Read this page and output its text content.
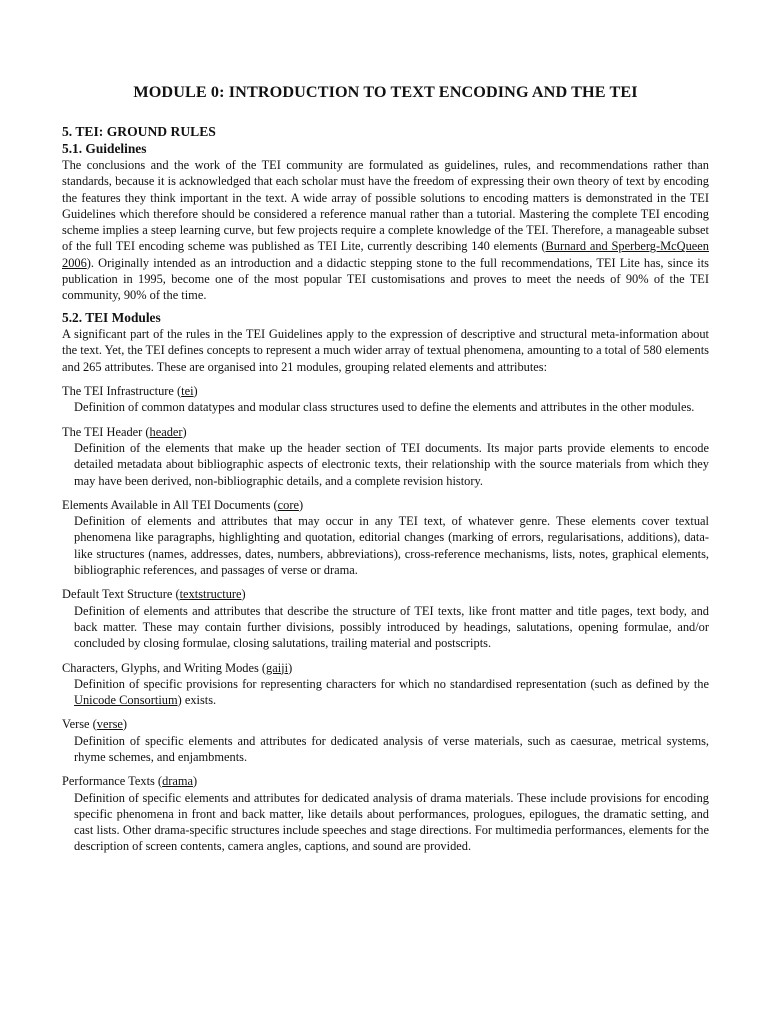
MODULE 0: INTRODUCTION TO TEXT ENCODING AND THE TEI
5. TEI: GROUND RULES
5.1. Guidelines

The conclusions and the work of the TEI community are formulated as guidelines, rules, and recommendations rather than standards, because it is acknowledged that each scholar must have the freedom of expressing their own theory of text by encoding the features they think important in the text. A wide array of possible solutions to encoding matters is demonstrated in the TEI Guidelines which therefore should be considered a reference manual rather than a tutorial. Mastering the complete TEI encoding scheme implies a steep learning curve, but few projects require a complete knowledge of the TEI. Therefore, a manageable subset of the full TEI encoding scheme was published as TEI Lite, currently describing 140 elements (Burnard and Sperberg-McQueen 2006). Originally intended as an introduction and a didactic stepping stone to the full recommendations, TEI Lite has, since its publication in 1995, become one of the most popular TEI customisations and proves to meet the needs of 90% of the TEI community, 90% of the time.

5.2. TEI Modules

A significant part of the rules in the TEI Guidelines apply to the expression of descriptive and structural meta-information about the text. Yet, the TEI defines concepts to represent a much wider array of textual phenomena, amounting to a total of 580 elements and 265 attributes. These are organised into 21 modules, grouping related elements and attributes:

The TEI Infrastructure (tei)
Definition of common datatypes and modular class structures used to define the elements and attributes in the other modules.
The TEI Header (header)
Definition of the elements that make up the header section of TEI documents. Its major parts provide elements to encode detailed metadata about bibliographic aspects of electronic texts, their relationship with the source materials from which they may have been derived, non-bibliographic details, and a complete revision history.
Elements Available in All TEI Documents (core)
Definition of elements and attributes that may occur in any TEI text, of whatever genre. These elements cover textual phenomena like paragraphs, highlighting and quotation, editorial changes (marking of errors, regularisations, additions), data-like structures (names, addresses, dates, numbers, abbreviations), cross-reference mechanisms, lists, notes, graphical elements, bibliographic references, and passages of verse or drama.
Default Text Structure (textstructure)
Definition of elements and attributes that describe the structure of TEI texts, like front matter and title pages, text body, and back matter. These may contain further divisions, possibly introduced by headings, salutations, opening formulae, and/or concluded by closing formulae, closing salutations, trailing material and postscripts.
Characters, Glyphs, and Writing Modes (gaiji)
Definition of specific provisions for representing characters for which no standardised representation (such as defined by the Unicode Consortium) exists.
Verse (verse)
Definition of specific elements and attributes for dedicated analysis of verse materials, such as caesurae, metrical systems, rhyme schemes, and enjambments.
Performance Texts (drama)
Definition of specific elements and attributes for dedicated analysis of drama materials. These include provisions for encoding specific phenomena in front and back matter, like details about performances, prologues, epilogues, the dramatic setting, and cast lists. Other drama-specific structures include speeches and stage directions. For multimedia performances, elements for the description of screen contents, camera angles, captions, and sound are provided.
